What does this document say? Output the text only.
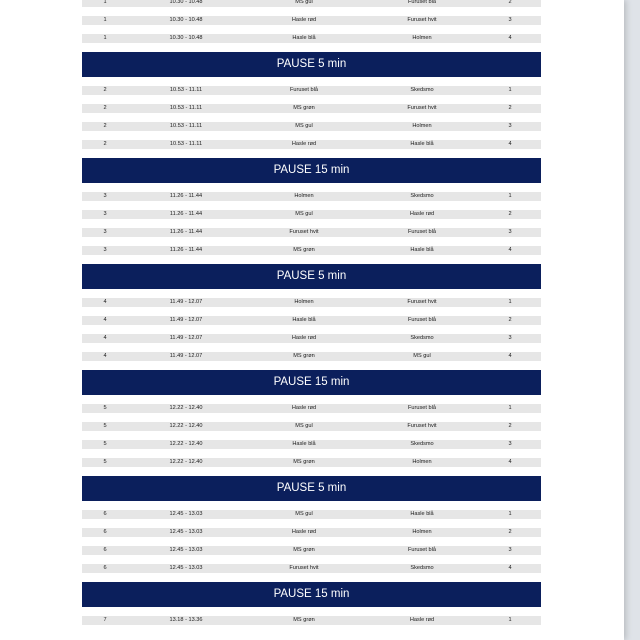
1	10.30 - 10.48	MS gul	Furuset blå	2
1	10.30 - 10.48	Hasle rød	Furuset hvit	3
1	10.30 - 10.48	Hasle blå	Holmen	4
PAUSE 5 min
2	10.53 - 11.11	Furuset blå	Skedsmo	1
2	10.53 - 11.11	MS grøn	Furuset hvit	2
2	10.53 - 11.11	MS gul	Holmen	3
2	10.53 - 11.11	Hasle rød	Hasle blå	4
PAUSE 15 min
3	11.26 - 11.44	Holmen	Skedsmo	1
3	11.26 - 11.44	MS gul	Hasle rød	2
3	11.26 - 11.44	Furuset hvit	Furuset blå	3
3	11.26 - 11.44	MS grøn	Hasle blå	4
PAUSE 5 min
4	11.49 - 12.07	Holmen	Furuset hvit	1
4	11.49 - 12.07	Hasle blå	Furuset blå	2
4	11.49 - 12.07	Hasle rød	Skedsmo	3
4	11.49 - 12.07	MS grøn	MS gul	4
PAUSE 15 min
5	12.22 - 12.40	Hasle rød	Furuset blå	1
5	12.22 - 12.40	MS gul	Furuset hvit	2
5	12.22 - 12.40	Hasle blå	Skedsmo	3
5	12.22 - 12.40	MS grøn	Holmen	4
PAUSE 5 min
6	12.45 - 13.03	MS gul	Hasle blå	1
6	12.45 - 13.03	Hasle rød	Holmen	2
6	12.45 - 13.03	MS grøn	Furuset blå	3
6	12.45 - 13.03	Furuset hvit	Skedsmo	4
PAUSE 15 min
7	13.18 - 13.36	MS grøn	Hasle rød	1
